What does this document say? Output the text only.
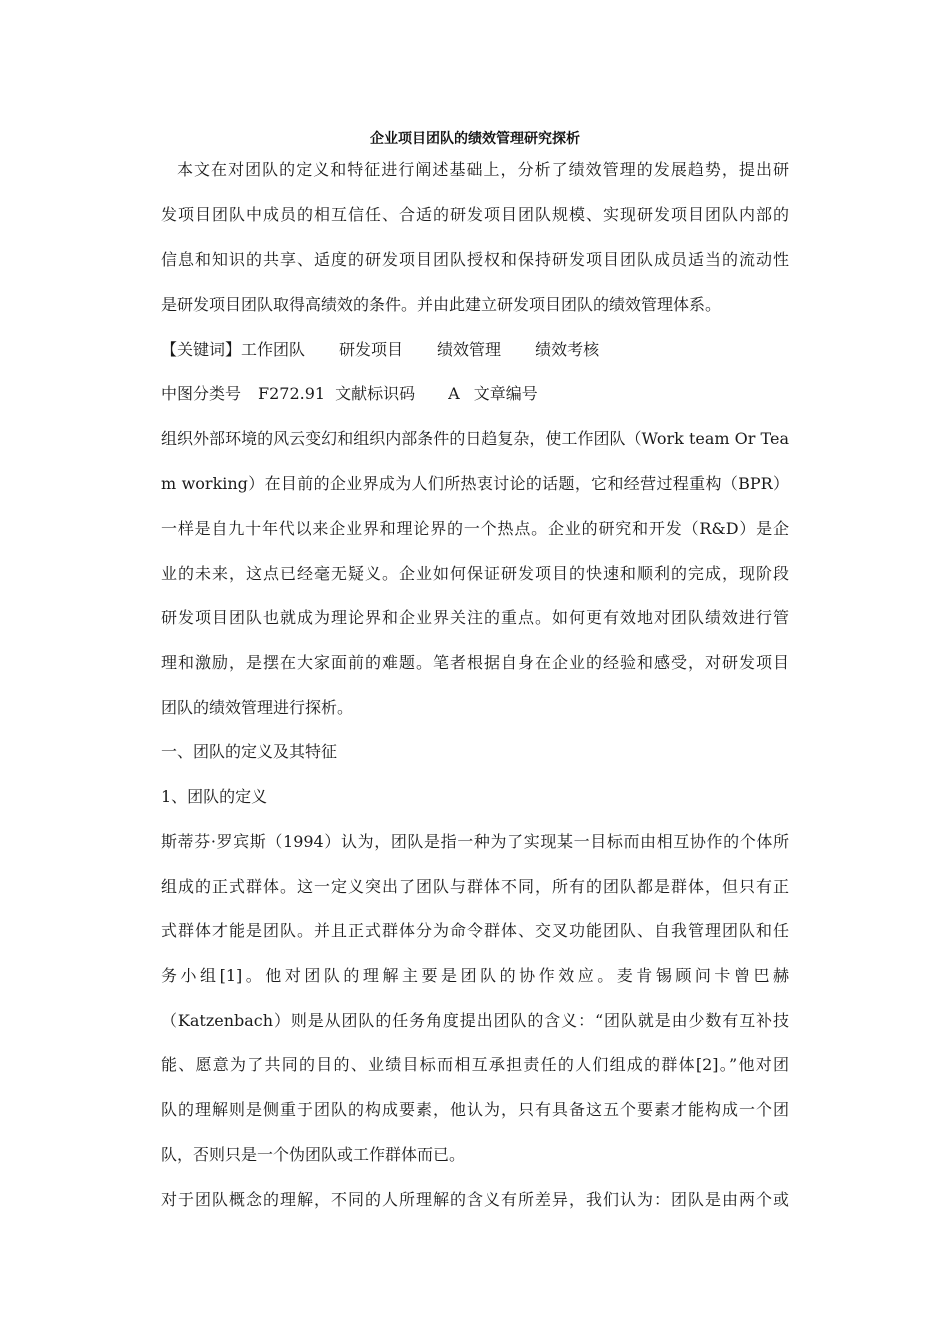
企业项目团队的绩效管理研究探析
本文在对团队的定义和特征进行阐述基础上，分析了绩效管理的发展趋势，提出研
发项目团队中成员的相互信任、合适的研发项目团队规模、实现研发项目团队内部的
信息和知识的共享、适度的研发项目团队授权和保持研发项目团队成员适当的流动性
是研发项目团队取得高绩效的条件。并由此建立研发项目团队的绩效管理体系。
【关键词】工作团队 研发项目 绩效管理 绩效考核
中图分类号 F272.91 文献标识码 A 文章编号
组织外部环境的风云变幻和组织内部条件的日趋复杂，使工作团队（Work team Or Tea
m working）在目前的企业界成为人们所热衷讨论的话题，它和经营过程重构（BPR）
一样是自九十年代以来企业界和理论界的一个热点。企业的研究和开发（R&D）是企
业的未来，这点已经毫无疑义。企业如何保证研发项目的快速和顺利的完成，现阶段
研发项目团队也就成为理论界和企业界关注的重点。如何更有效地对团队绩效进行管
理和激励，是摆在大家面前的难题。笔者根据自身在企业的经验和感受，对研发项目
团队的绩效管理进行探析。
一、团队的定义及其特征
1、团队的定义
斯蒂芬·罗宾斯（1994）认为，团队是指一种为了实现某一目标而由相互协作的个体所
组成的正式群体。这一定义突出了团队与群体不同，所有的团队都是群体，但只有正
式群体才能是团队。并且正式群体分为命令群体、交叉功能团队、自我管理团队和任
务小组[1]。他对团队的理解主要是团队的协作效应。麦肯锡顾问卡曾巴赫
（Katzenbach）则是从团队的任务角度提出团队的含义：“团队就是由少数有互补技
能、愿意为了共同的目的、业绩目标而相互承担责任的人们组成的群体[2]。”他对团
队的理解则是侧重于团队的构成要素，他认为，只有具备这五个要素才能构成一个团
队，否则只是一个伪团队或工作群体而已。
对于团队概念的理解，不同的人所理解的含义有所差异，我们认为：团队是由两个或
